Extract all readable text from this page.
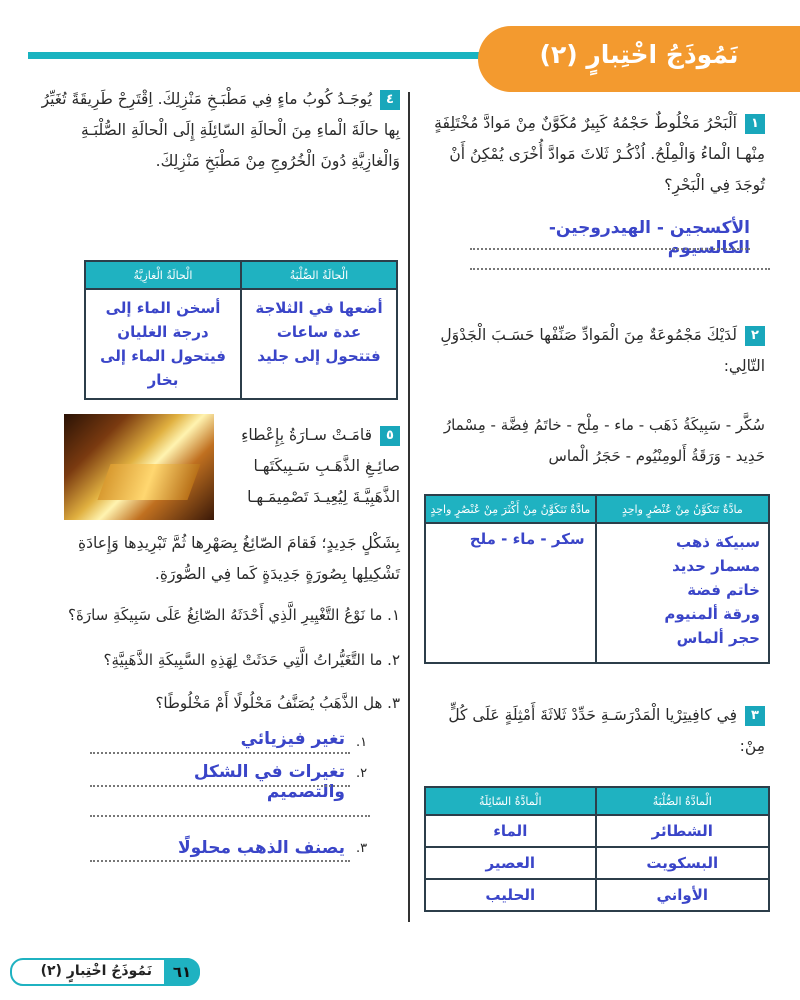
نَمُوذَجُ اخْتِبارٍ (٢)
١اَلْبَحْرُ مَخْلُوطٌ حَجْمُهُ كَبِيرٌ مُكَوَّنٌ مِنْ مَوادَّ مُخْتَلِفَةٍ مِنْهـا الْماءُ وَالْمِلْحُ. اُذْكُـرْ ثَلاثَ مَوادَّ أُخْرَى يُمْكِنُ أَنْ تُوجَدَ فِي الْبَحْرِ؟
الأكسجين - الهيدروجين- الكالسيوم
٢لَدَيْكَ مَجْمُوعَةٌ مِنَ الْمَوادِّ صَنِّفْها حَسَـبَ الْجَدْوَلِ التّالِي:
سُكَّر - سَبِيكَةُ ذَهَب - ماء - مِلْح - خاتَمُ فِضَّة - مِسْمارُ حَدِيد - وَرَقَةُ أَلومِنْيُوم - حَجَرُ الْماس
مادَّةٌ تَتَكَوَّنُ مِنْ عُنْصُرٍ واحِدٍ	مادَّةٌ تَتَكَوَّنُ مِنْ أَكْثَرَ مِنْ عُنْصُرٍ واحِدٍ

سبيكة ذهب
مسمار حديد
خاتم فضة
ورقة ألمنيوم
حجر ألماس	سكر - ماء - ملح
٣فِي كافِيتِرْيا الْمَدْرَسَـةِ حَدِّدْ ثَلاثَةَ أَمْثِلَةٍ عَلَى كُلٍّ مِنْ:
الْمادَّةُ الصُّلْبَةُ	الْمادَّةُ السّائِلَةُ
الشطائر	الماء
البسكويت	العصير
الأواني	الحليب
٤يُوجَـدُ كُوبُ ماءٍ فِي مَطْبَـخِ مَنْزِلِكَ. اِقْتَرِحْ طَرِيقَةً تُغَيِّرُ بِها حالَةَ الْماءِ مِنَ الْحالَةِ السّائِلَةِ إِلَى الْحالَةِ الصُّلْبَـةِ وَالْغازِيَّةِ دُونَ الْخُرُوجِ مِنْ مَطْبَخِ مَنْزِلِكَ.
الْحالَةُ الصُّلْبَةُ	الْحالَةُ الْغازِيَّةُ
أضعها في الثلاجة عدة ساعات فتتحول إلى جليد	أسخن الماء إلى درجة الغليان فيتحول الماء إلى بخار
٥قامَـتْ سـارَةُ بِإِعْطاءِ صائِـغِ الذَّهَـبِ سَـبِيكَتَهـا الذَّهَبِيَّـةَ لِيُعِيـدَ تَصْمِيمَـهـا
بِشَكْلٍ جَدِيدٍ؛ فَقامَ الصّائِغُ بِصَهْرِها ثُمَّ تَبْرِيدِها وَإِعادَةِ تَشْكِيلِها بِصُورَةٍ جَدِيدَةٍ كَما فِي الصُّورَةِ.
١. ما نَوْعُ التَّغْيِيرِ الَّذِي أَحْدَثَهُ الصّائِغُ عَلَى سَبِيكَةِ سارَةَ؟
٢. ما التَّغَيُّراتُ الَّتِي حَدَثَتْ لِهَذِهِ السَّبِيكَةِ الذَّهَبِيَّةِ؟
٣. هل الذَّهَبُ يُصَنَّفُ مَحْلُولًا أَمْ مَخْلُوطًا؟
١.
تغير فيزيائي
٢.
تغيرات في الشكل والتصميم
٣.
يصنف الذهب محلولًا
٦١
نَمُوذَجُ اخْتِبارٍ (٢)
